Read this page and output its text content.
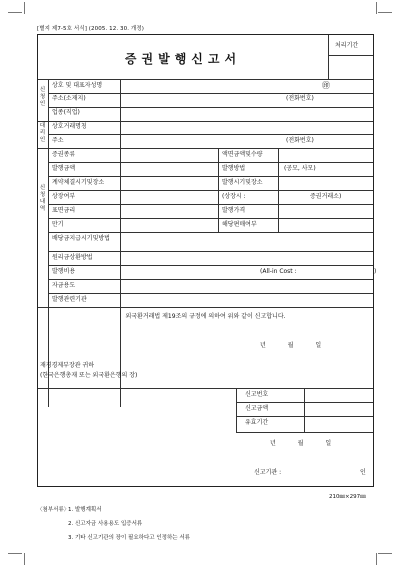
[별지 제7-5호 서식] (2005. 12. 30. 개정)
증권발행신고서
처리기간
신청인
상호 및 대표자성명	㊞
주소(소재지)	(전화번호)
업종(직업)
대리인
상호거래명칭
주소	(전화번호)
신청내역
증권종류	액면금액및수량
발행금액	발행방법	(공모, 사모)
계약체결시기및장소	발행시기및장소
상장여부	(상장시 :	증권거래소)
표면금리	발행가격
만기	해당편매여부
배당금지급시기및방법
원리금상환방법
발행비용	(All-in Cost :	)
자금용도
발행관련기관
외국환거래법 제19조의 규정에 의하여 위와 같이 신고합니다.
년 월 일
재경경제부장관 귀하
(한국은행총재 또는 외국환은행의 장)
신고번호
신고금액
유효기간
년 월 일
신고기관 :	인
210㎜×297㎜
〈첨부서류〉
1. 발행계획서
2. 신고자금 사용용도 입증서류
3. 기타 신고기관의 장이 필요하다고 인정하는 서류
